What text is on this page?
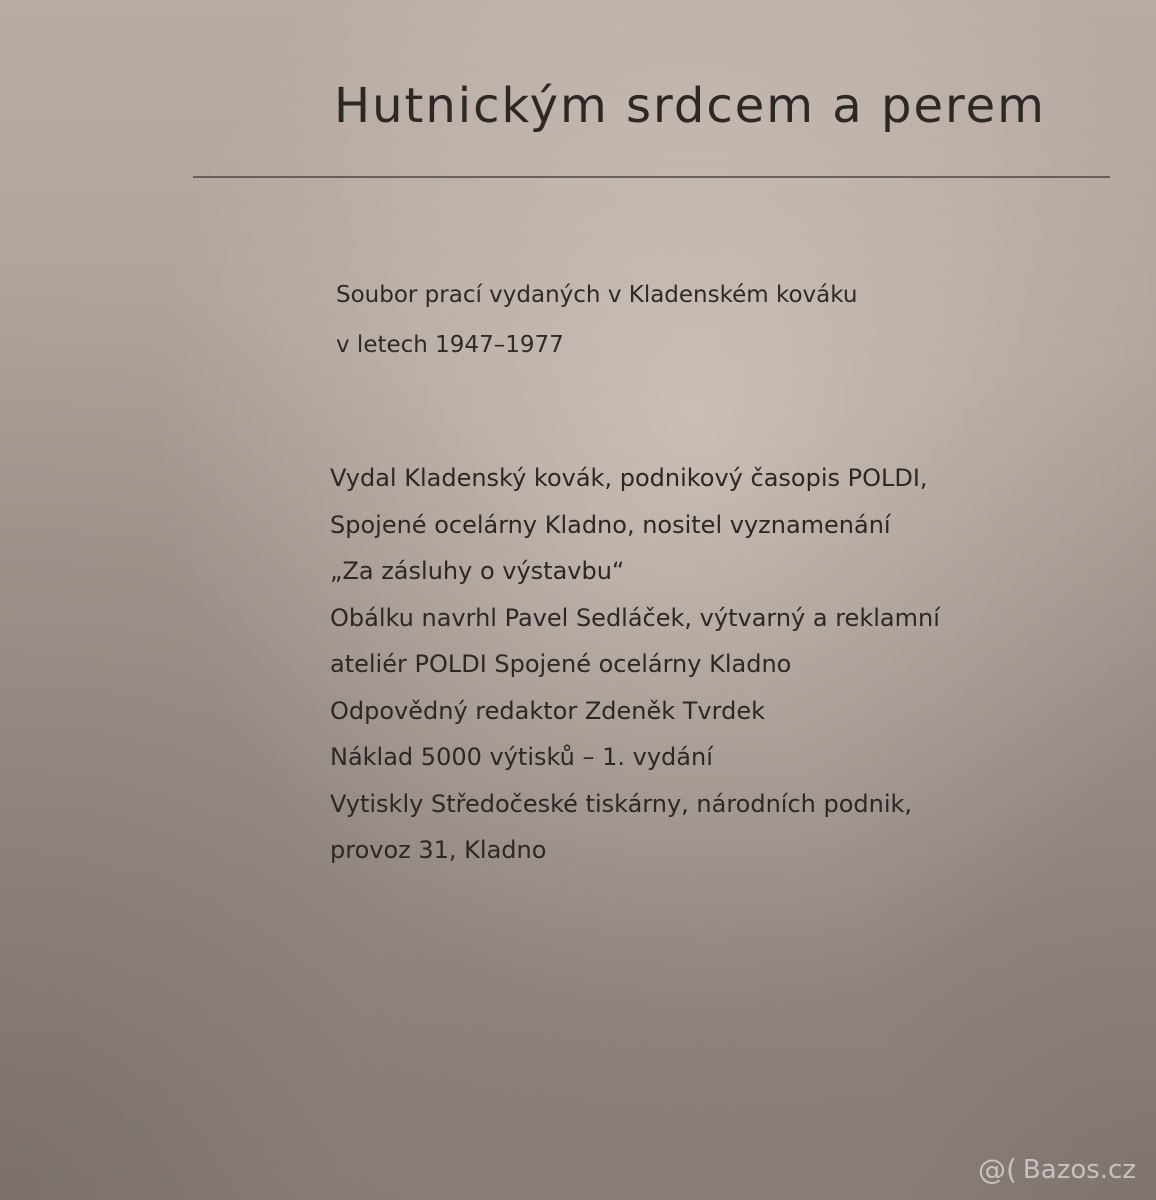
Hutnickým srdcem a perem
Soubor prací vydaných v Kladenském kováku
v letech 1947–1977
Vydal Kladenský kovák, podnikový časopis POLDI,
Spojené ocelárny Kladno, nositel vyznamenání
„Za zásluhy o výstavbu“
Obálku navrhl Pavel Sedláček, výtvarný a reklamní
ateliér POLDI Spojené ocelárny Kladno
Odpovědný redaktor Zdeněk Tvrdek
Náklad 5000 výtisků – 1. vydání
Vytiskly Středočeské tiskárny, národních podnik,
provoz 31, Kladno
@( Bazos.cz
